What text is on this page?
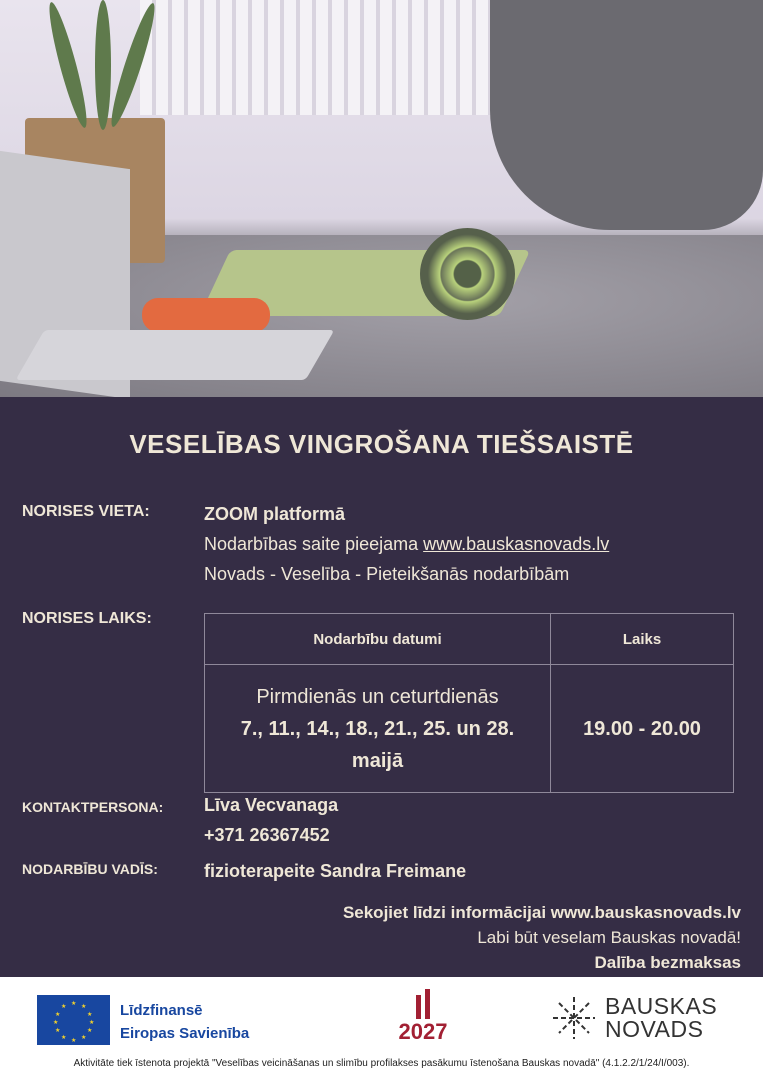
VESELĪBAS VINGROŠANA TIEŠSAISTĒ
NORISES VIETA:	ZOOM platformā
Nodarbības saite pieejama www.bauskasnovads.lv
Novads - Veselība - Pieteikšanās nodarbībām
NORISES LAIKS:
Nodarbību datumi	Laiks

Pirmdienās un ceturtdienās
7., 11., 14., 18., 21., 25. un 28. maijā	19.00 - 20.00
KONTAKTPERSONA: Līva Vecvanaga
+371 26367452
NODARBĪBU VADĪS:	fizioterapeite Sandra Freimane
Sekojiet līdzi informācijai www.bauskasnovads.lv
Labi būt veselam Bauskas novadā!
Dalība bezmaksas
★ ★
★
★
★
★
★
★
★
★
★
★	Līdzfinansē
Eiropas Savienība	2027
BAUSKAS
NOVADS
Aktivitāte tiek īstenota projektā "Veselības veicināšanas un slimību profilakses pasākumu īstenošana Bauskas novadā" (4.1.2.2/1/24/I/003).
